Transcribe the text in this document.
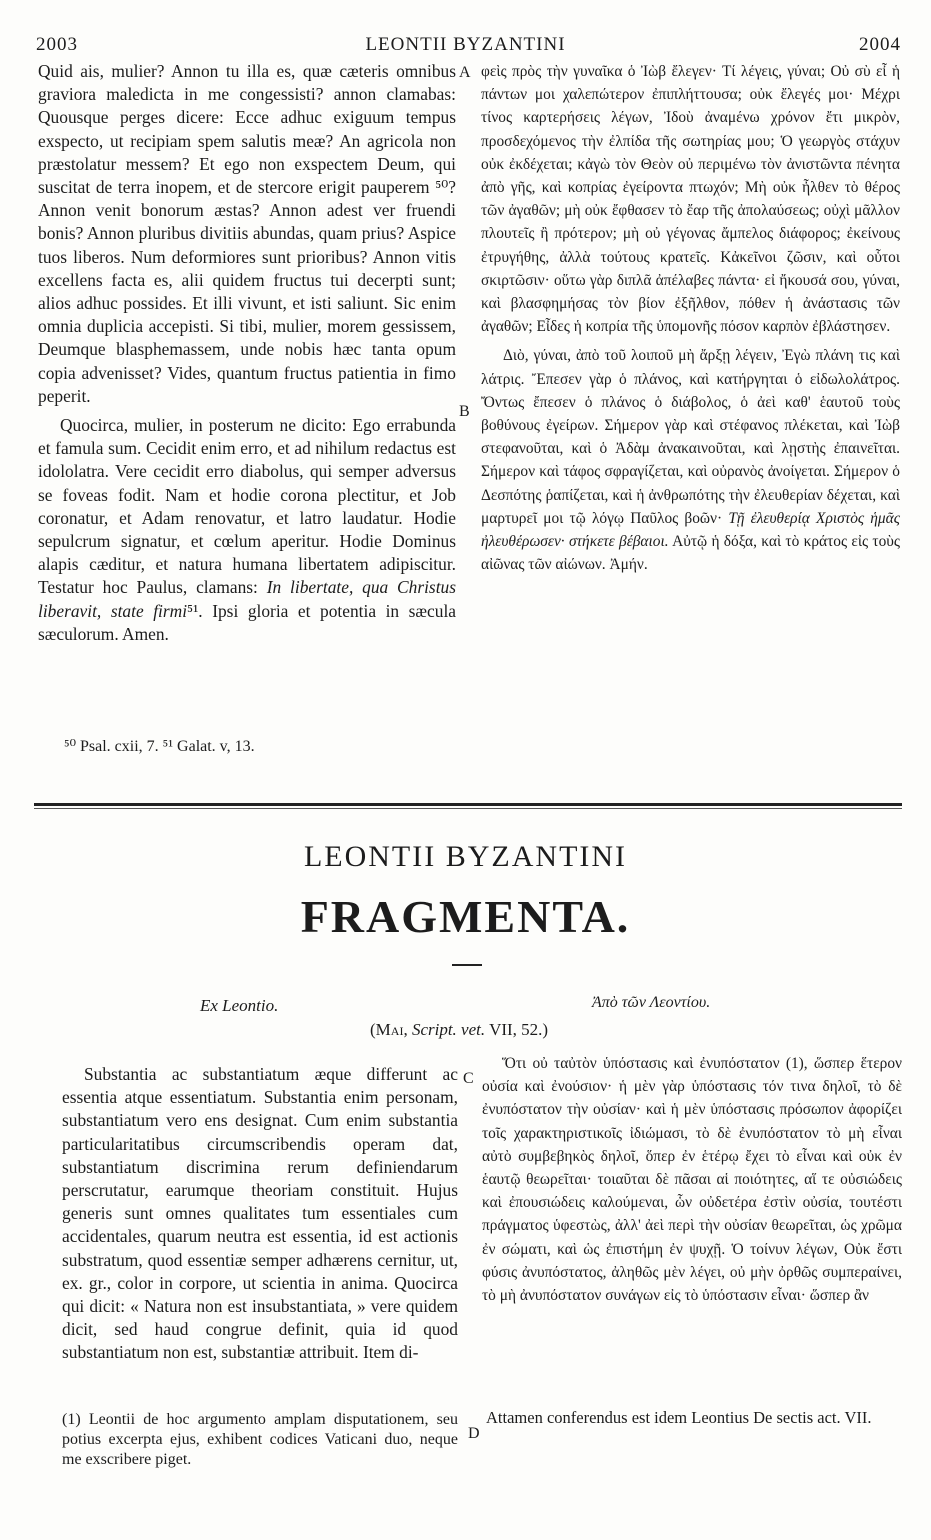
2003	LEONTII BYZANTINI	2004
A
B
C
D

Quid ais, mulier? Annon tu illa es, quæ cæteris omnibus graviora maledicta in me congessisti? annon clamabas: Quousque perges dicere: Ecce adhuc exiguum tempus exspecto, ut recipiam spem salutis meæ? An agricola non præstolatur messem? Et ego non exspectem Deum, qui suscitat de terra inopem, et de stercore erigit pauperem ⁵⁰? Annon venit bonorum æstas? Annon adest ver fruendi bonis? Annon pluribus divitiis abundas, quam prius? Aspice tuos liberos. Num deformiores sunt prioribus? Annon vitis excellens facta es, alii quidem fructus tui decerpti sunt; alios adhuc possides. Et illi vivunt, et isti saliunt. Sic enim omnia duplicia accepisti. Si tibi, mulier, morem gessissem, Deumque blasphemassem, unde nobis hæc tanta opum copia advenisset? Vides, quantum fructus patientia in fimo peperit.

Quocirca, mulier, in posterum ne dicito: Ego errabunda et famula sum. Cecidit enim erro, et ad nihilum redactus est idololatra. Vere cecidit erro diabolus, qui semper adversus se foveas fodit. Nam et hodie corona plectitur, et Job coronatur, et Adam renovatur, et latro laudatur. Hodie sepulcrum signatur, et cœlum aperitur. Hodie Dominus alapis cæditur, et natura humana libertatem adipiscitur. Testatur hoc Paulus, clamans: In libertate, qua Christus liberavit, state firmi⁵¹. Ipsi gloria et potentia in sæcula sæculorum. Amen.

φεὶς πρὸς τὴν γυναῖκα ὁ Ἰὼβ ἔλεγεν· Τί λέγεις, γύναι; Οὐ σὺ εἶ ἡ πάντων μοι χαλεπώτερον ἐπιπλήττουσα; οὐκ ἔλεγές μοι· Μέχρι τίνος καρτερήσεις λέγων, Ἰδοὺ ἀναμένω χρόνον ἔτι μικρὸν, προσδεχόμενος τὴν ἐλπίδα τῆς σωτηρίας μου; Ὁ γεωργὸς στάχυν οὐκ ἐκδέχεται; κἀγὼ τὸν Θεὸν οὐ περιμένω τὸν ἀνιστῶντα πένητα ἀπὸ γῆς, καὶ κοπρίας ἐγείροντα πτωχόν; Μὴ οὐκ ἦλθεν τὸ θέρος τῶν ἀγαθῶν; μὴ οὐκ ἔφθασεν τὸ ἔαρ τῆς ἀπολαύσεως; οὐχὶ μᾶλλον πλουτεῖς ἢ πρότερον; μὴ οὐ γέγονας ἄμπελος διάφορος; ἐκείνους ἐτρυγήθης, ἀλλὰ τούτους κρατεῖς. Κἀκεῖνοι ζῶσιν, καὶ οὗτοι σκιρτῶσιν· οὕτω γὰρ διπλᾶ ἀπέλαβες πάντα· εἰ ἤκουσά σου, γύναι, καὶ βλασφημήσας τὸν βίον ἐξῆλθον, πόθεν ἡ ἀνάστασις τῶν ἀγαθῶν; Εἶδες ἡ κοπρία τῆς ὑπομονῆς πόσον καρπὸν ἐβλάστησεν.

Διὸ, γύναι, ἀπὸ τοῦ λοιποῦ μὴ ἄρξῃ λέγειν, Ἐγὼ πλάνη τις καὶ λάτρις. Ἔπεσεν γὰρ ὁ πλάνος, καὶ κατήργηται ὁ εἰδωλολάτρος. Ὄντως ἔπεσεν ὁ πλάνος ὁ διάβολος, ὁ ἀεὶ καθ' ἑαυτοῦ τοὺς βοθύνους ἐγείρων. Σήμερον γὰρ καὶ στέφανος πλέκεται, καὶ Ἰὼβ στεφανοῦται, καὶ ὁ Ἀδὰμ ἀνακαινοῦται, καὶ λῃστὴς ἐπαινεῖται. Σήμερον καὶ τάφος σφραγίζεται, καὶ οὐρανὸς ἀνοίγεται. Σήμερον ὁ Δεσπότης ῥαπίζεται, καὶ ἡ ἀνθρωπότης τὴν ἐλευθερίαν δέχεται, καὶ μαρτυρεῖ μοι τῷ λόγῳ Παῦλος βοῶν· Τῇ ἐλευθερίᾳ Χριστὸς ἡμᾶς ἠλευθέρωσεν· στήκετε βέβαιοι. Αὐτῷ ἡ δόξα, καὶ τὸ κράτος εἰς τοὺς αἰῶνας τῶν αἰώνων. Ἀμήν.

⁵⁰ Psal. cxii, 7. ⁵¹ Galat. v, 13.
LEONTII BYZANTINI
FRAGMENTA.
Ex Leontio.	Ἀπὸ τῶν Λεοντίου.
(Mai, Script. vet. VII, 52.)

Substantia ac substantiatum æque differunt ac essentia atque essentiatum. Substantia enim personam, substantiatum vero ens designat. Cum enim substantia particularitatibus circumscribendis operam dat, substantiatum discrimina rerum definiendarum perscrutatur, earumque theoriam constituit. Hujus generis sunt omnes qualitates tum essentiales cum accidentales, quarum neutra est essentia, id est actionis substratum, quod essentiæ semper adhærens cernitur, ut, ex. gr., color in corpore, ut scientia in anima. Quocirca qui dicit: « Natura non est insubstantiata, » vere quidem dicit, sed haud congrue definit, quia id quod substantiatum non est, substantiæ attribuit. Item di-

Ὅτι οὐ ταὐτὸν ὑπόστασις καὶ ἐνυπόστατον (1), ὥσπερ ἕτερον οὐσία καὶ ἐνούσιον· ἡ μὲν γὰρ ὑπόστασις τόν τινα δηλοῖ, τὸ δὲ ἐνυπόστατον τὴν οὐσίαν· καὶ ἡ μὲν ὑπόστασις πρόσωπον ἀφορίζει τοῖς χαρακτηριστικοῖς ἰδιώμασι, τὸ δὲ ἐνυπόστατον τὸ μὴ εἶναι αὐτὸ συμβεβηκὸς δηλοῖ, ὅπερ ἐν ἑτέρῳ ἔχει τὸ εἶναι καὶ οὐκ ἐν ἑαυτῷ θεωρεῖται· τοιαῦται δὲ πᾶσαι αἱ ποιότητες, αἵ τε οὐσιώδεις καὶ ἐπουσιώδεις καλούμεναι, ὧν οὐδετέρα ἐστὶν οὐσία, τουτέστι πράγματος ὑφεστὼς, ἀλλ' ἀεὶ περὶ τὴν οὐσίαν θεωρεῖται, ὡς χρῶμα ἐν σώματι, καὶ ὡς ἐπιστήμη ἐν ψυχῇ. Ὁ τοίνυν λέγων, Οὐκ ἔστι φύσις ἀνυπόστατος, ἀληθῶς μὲν λέγει, οὐ μὴν ὀρθῶς συμπεραίνει, τὸ μὴ ἀνυπόστατον συνάγων εἰς τὸ ὑπόστασιν εἶναι· ὥσπερ ἂν

(1) Leontii de hoc argumento amplam disputationem, seu potius excerpta ejus, exhibent codices Vaticani duo, neque me exscribere piget.
Attamen conferendus est idem Leontius De sectis act. VII.
